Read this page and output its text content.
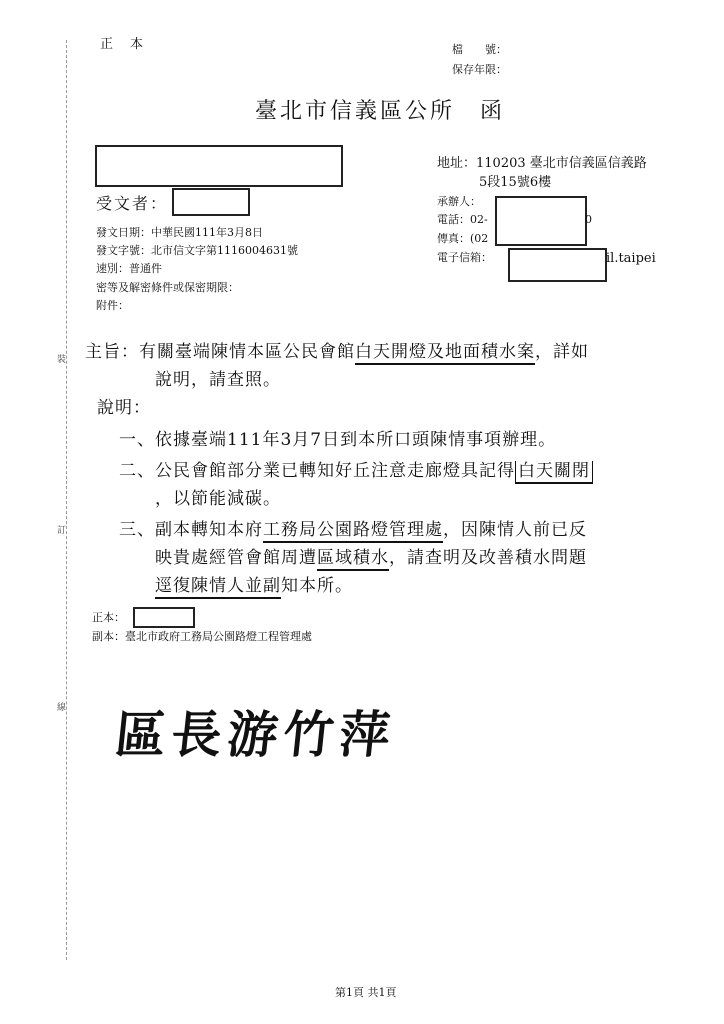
裝
訂
線
正　本	檔　　號：
保存年限：
臺北市信義區公所　函
地址：110203 臺北市信義區信義路
5段15號6樓
承辦人：
電話：02-	0
傳真：(02
電子信箱：	il.taipei
受文者：
發文日期：中華民國111年3月8日
發文字號：北市信文字第1116004631號
速別：普通件
密等及解密條件或保密期限：
附件：
主旨：有關臺端陳情本區公民會館白天開燈及地面積水案，詳如
說明，請查照。
說明：
一、依據臺端111年3月7日到本所口頭陳情事項辦理。
二、公民會館部分業已轉知好丘注意走廊燈具記得 白天關閉
，以節能減碳。
三、副本轉知本府工務局公園路燈管理處，因陳情人前已反
映貴處經管會館周遭區域積水，請查明及改善積水問題
逕復陳情人並副知本所。
正本：
副本：臺北市政府工務局公園路燈工程管理處
區長游竹萍
第1頁 共1頁
